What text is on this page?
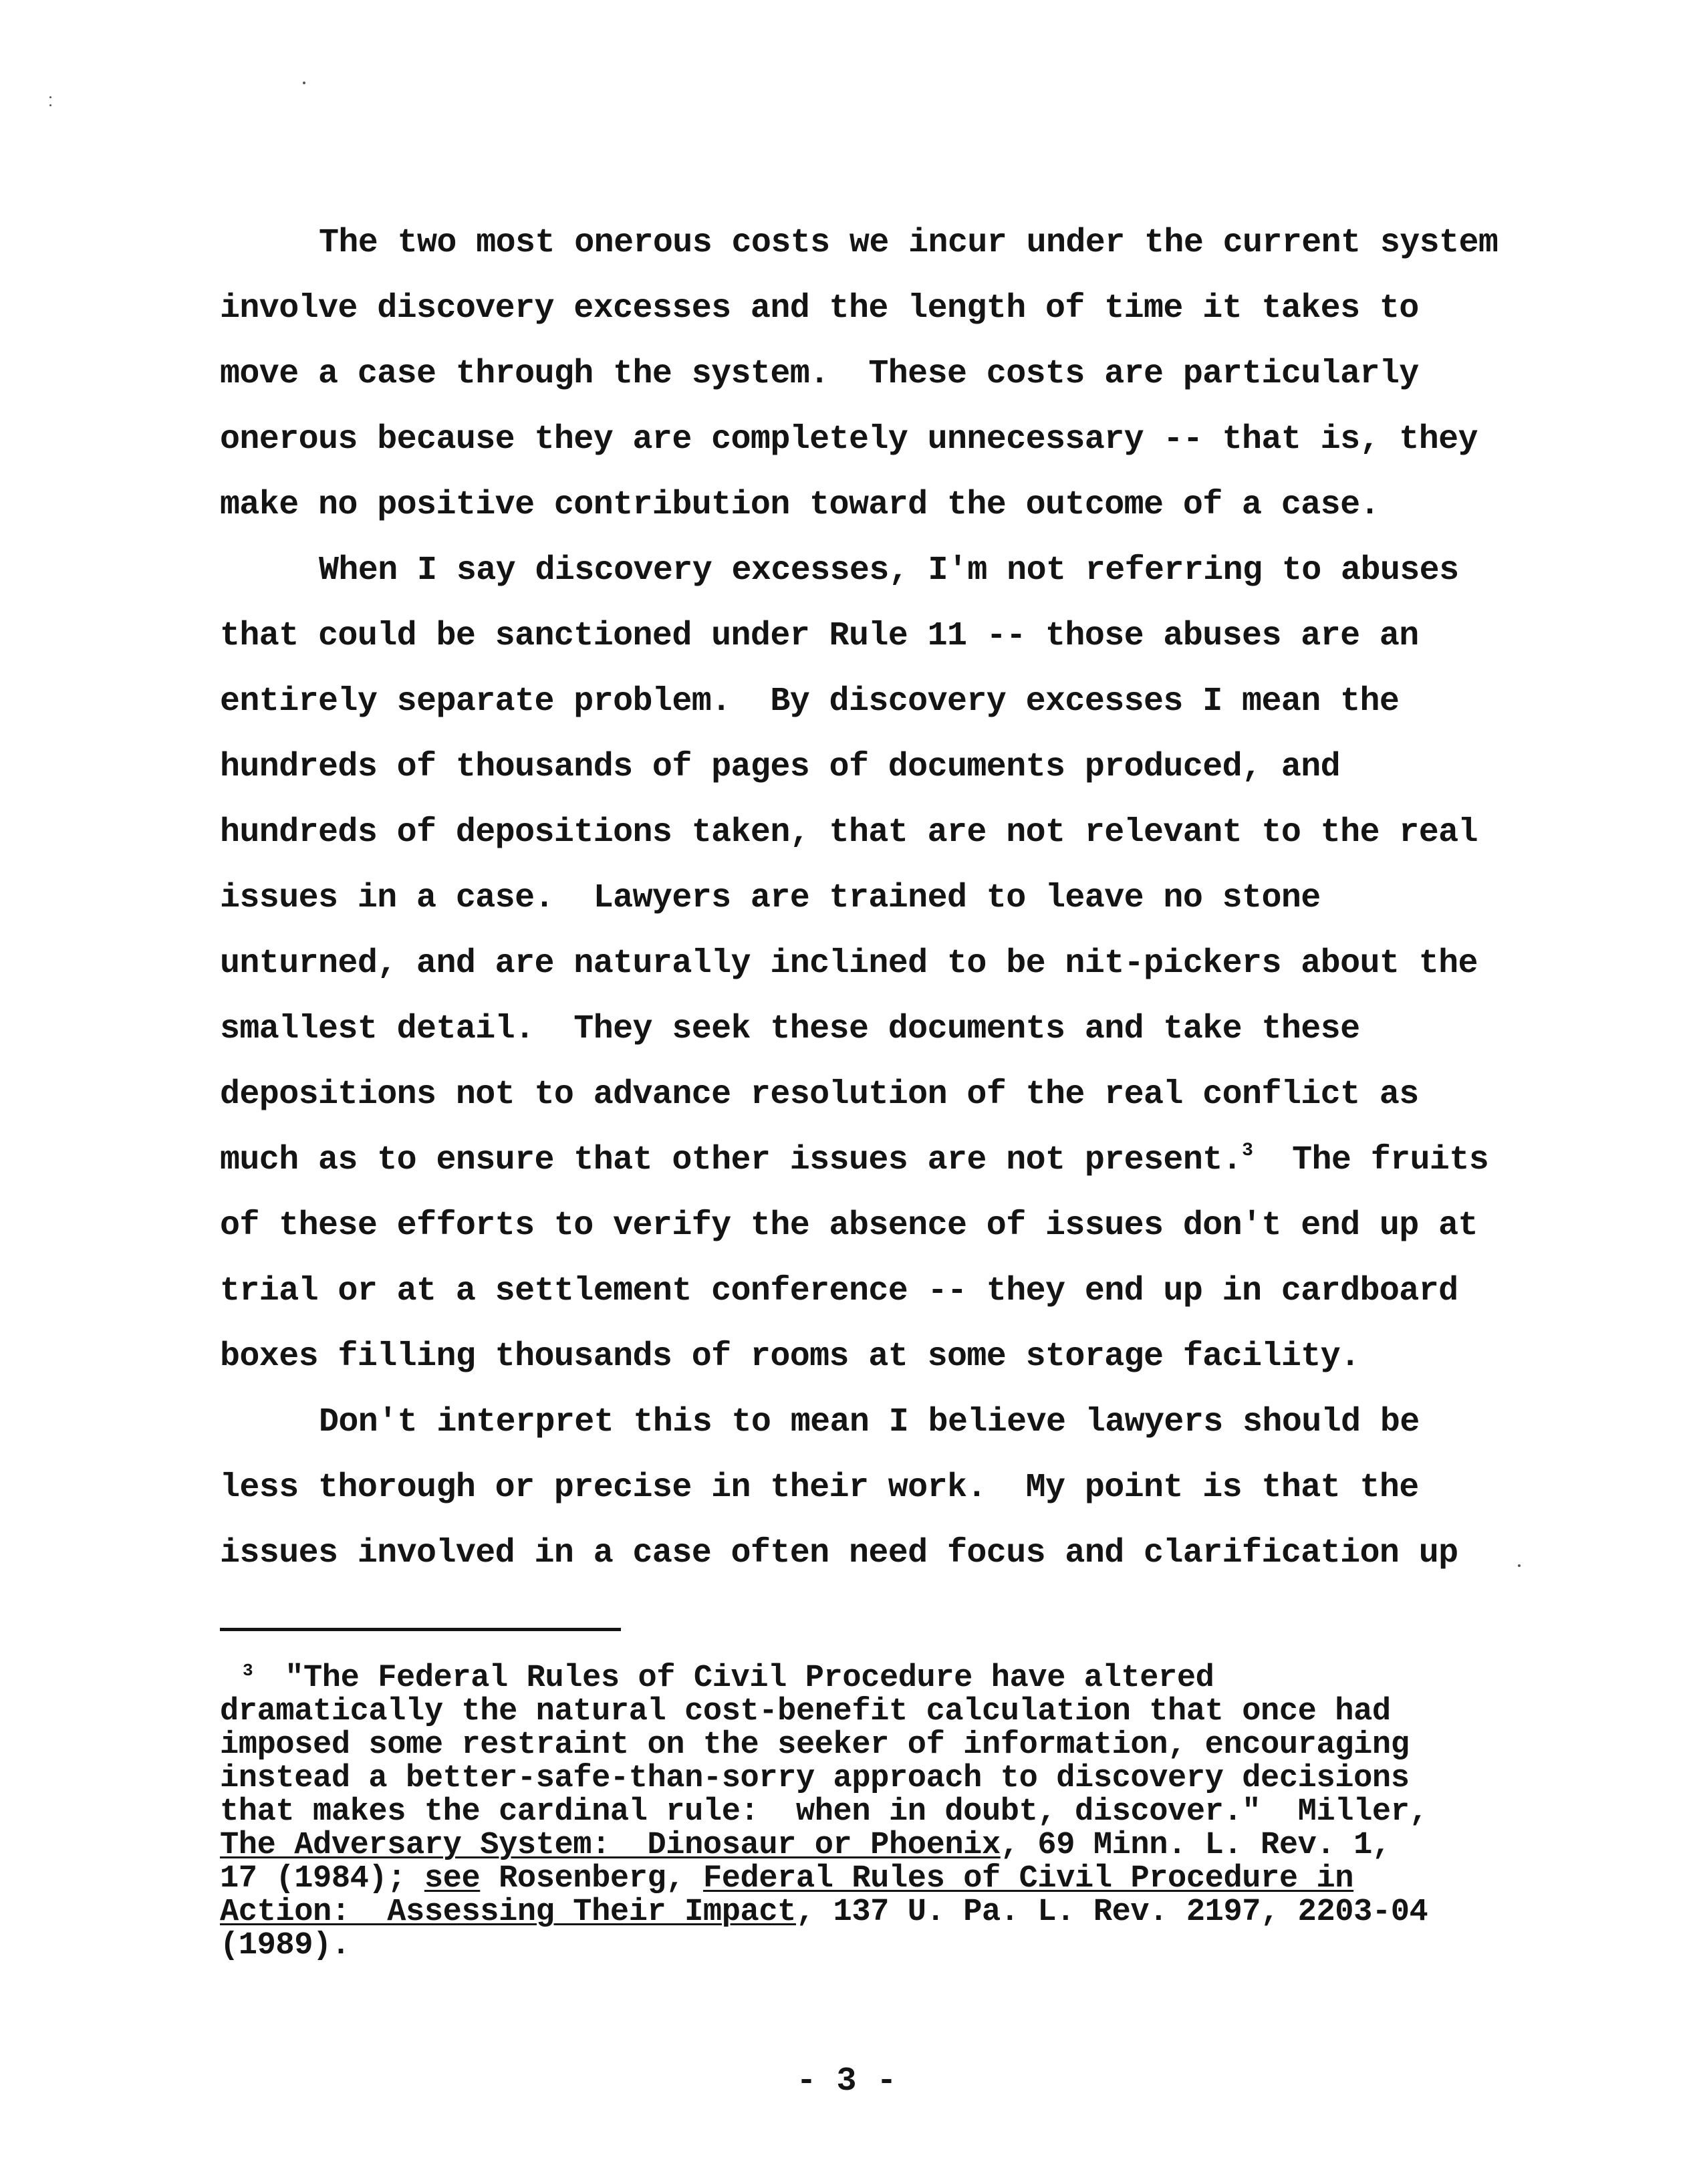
The two most onerous costs we incur under the current system
involve discovery excesses and the length of time it takes to
move a case through the system.  These costs are particularly
onerous because they are completely unnecessary -- that is, they
make no positive contribution toward the outcome of a case.
When I say discovery excesses, I'm not referring to abuses
that could be sanctioned under Rule 11 -- those abuses are an
entirely separate problem.  By discovery excesses I mean the
hundreds of thousands of pages of documents produced, and
hundreds of depositions taken, that are not relevant to the real
issues in a case.  Lawyers are trained to leave no stone
unturned, and are naturally inclined to be nit-pickers about the
smallest detail.  They seek these documents and take these
depositions not to advance resolution of the real conflict as
much as to ensure that other issues are not present.$^3$  The fruits
of these efforts to verify the absence of issues don't end up at
trial or at a settlement conference -- they end up in cardboard
boxes filling thousands of rooms at some storage facility.
Don't interpret this to mean I believe lawyers should be
less thorough or precise in their work.  My point is that the
issues involved in a case often need focus and clarification up
$^3$ "The Federal Rules of Civil Procedure have altered
dramatically the natural cost-benefit calculation that once had
imposed some restraint on the seeker of information, encouraging
instead a better-safe-than-sorry approach to discovery decisions
that makes the cardinal rule:  when in doubt, discover."  Miller,
The Adversary System:  Dinosaur or Phoenix, 69 Minn. L. Rev. 1,
17 (1984); see Rosenberg, Federal Rules of Civil Procedure in
Action:  Assessing Their Impact, 137 U. Pa. L. Rev. 2197, 2203-04
(1989).
- 3 -
